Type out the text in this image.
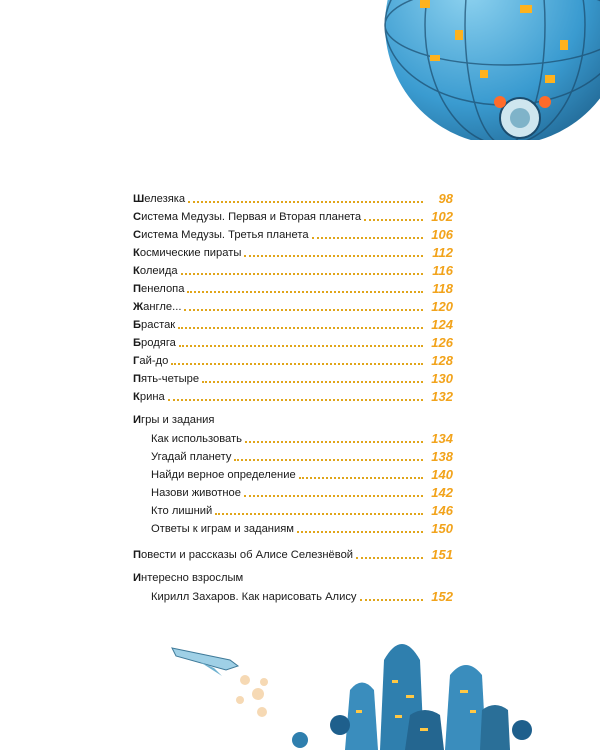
Шелезяка	98
Система Медузы. Первая и Вторая планета	102
Система Медузы. Третья планета	106
Космические пираты	112
Колеида	116
Пенелопа	118
Жангле...	120
Брастак	124
Бродяга	126
Гай-до	128
Пять-четыре	130
Крина	132
Игры и задания
Как использовать	134
Угадай планету	138
Найди верное определение	140
Назови животное	142
Кто лишний	146
Ответы к играм и заданиям	150
Повести и рассказы об Алисе Селезнёвой	151
Интересно взрослым
Кирилл Захаров. Как нарисовать Алису	152
